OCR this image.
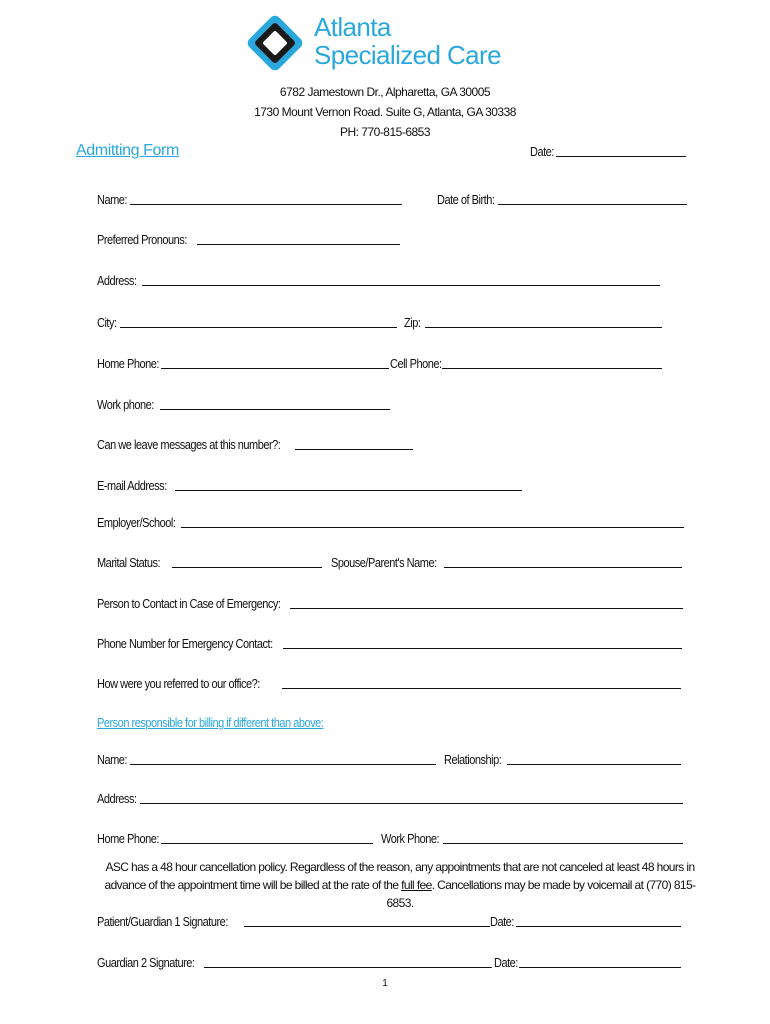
Atlanta
Specialized Care
6782 Jamestown Dr., Alpharetta, GA 30005
1730 Mount Vernon Road. Suite G, Atlanta, GA 30338
PH: 770-815-6853
Admitting Form	Date:
Name:	Date of Birth:
Preferred Pronouns:
Address:
City:	Zip:
Home Phone:	Cell Phone:
Work phone:
Can we leave messages at this number?:
E-mail Address:
Employer/School:
Marital Status:	Spouse/Parent's Name:
Person to Contact in Case of Emergency:
Phone Number for Emergency Contact:
How were you referred to our office?:
Person responsible for billing if different than above:
Name:	Relationship:
Address:
Home Phone:	Work Phone:
ASC has a 48 hour cancellation policy. Regardless of the reason, any appointments that are not canceled at least 48 hours in advance of the appointment time will be billed at the rate of the full fee. Cancellations may be made by voicemail at (770) 815-6853.
Patient/Guardian 1 Signature:	Date:
Guardian 2 Signature:	Date:
1
